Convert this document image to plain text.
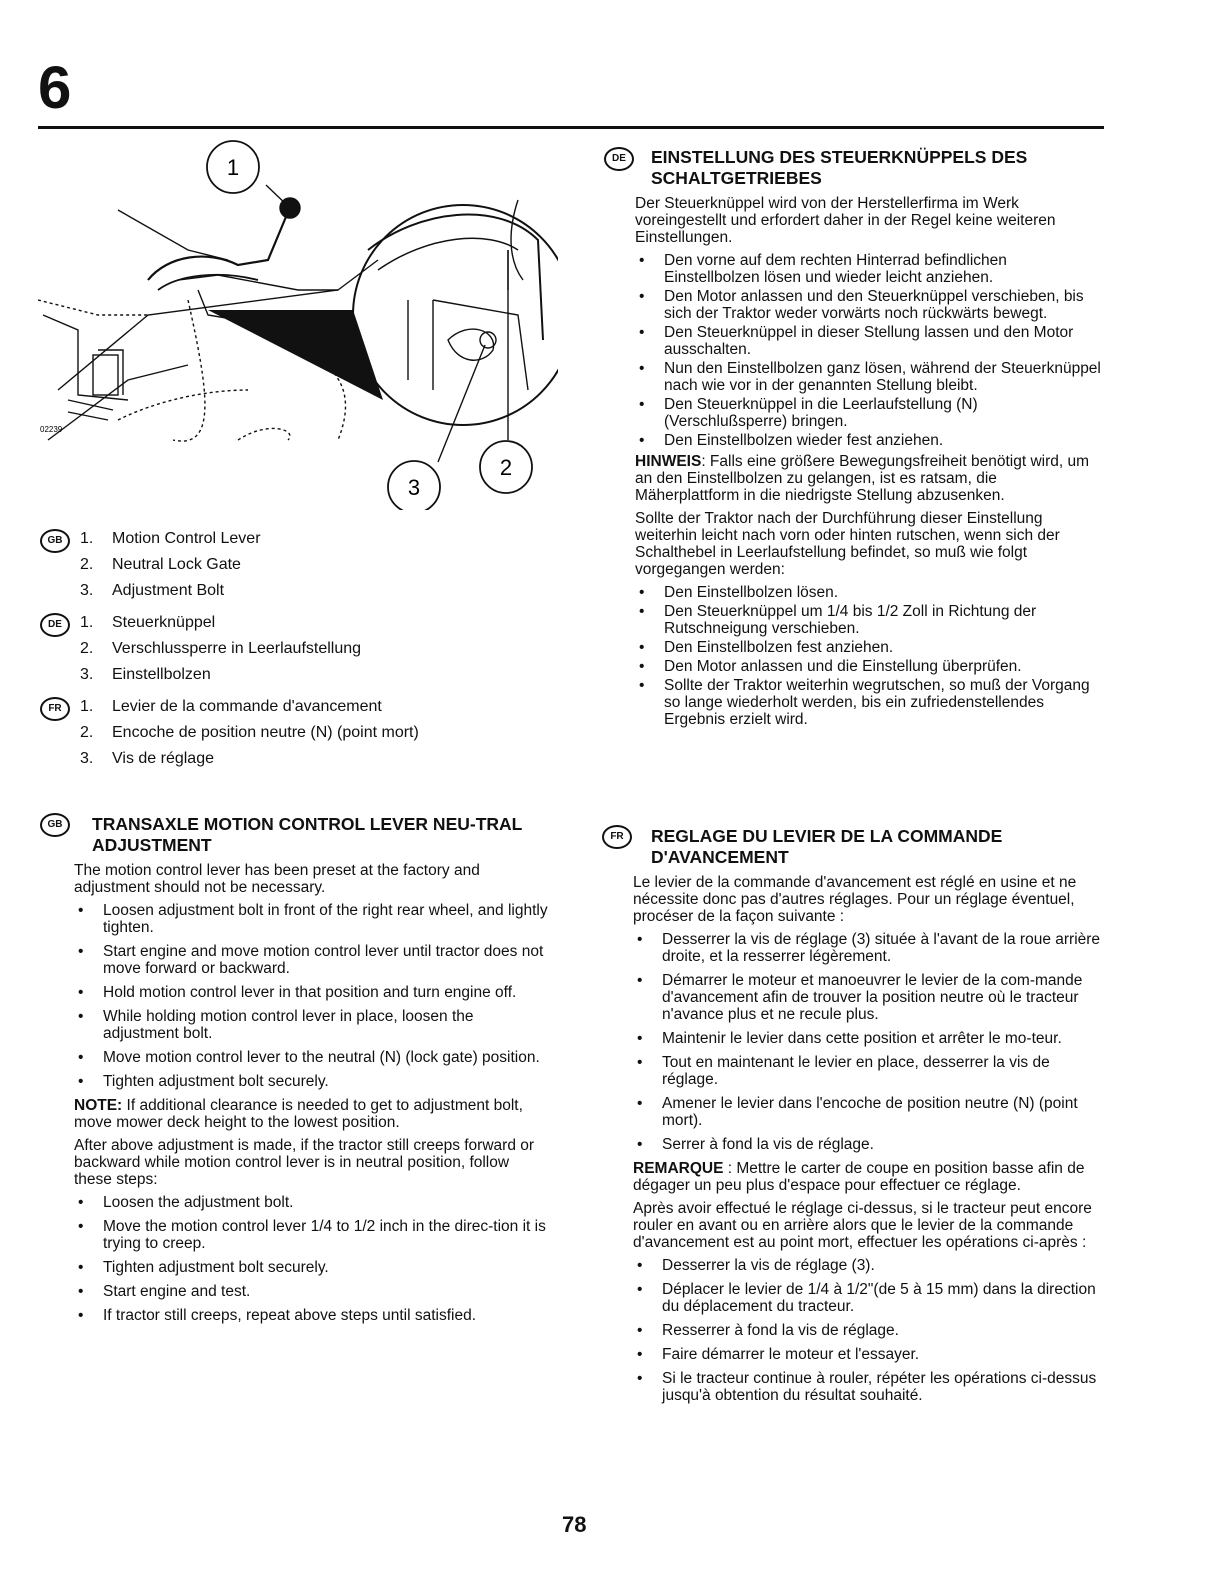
6
1
2
3
02239
GB	1. Motion Control Lever
2. Neutral Lock Gate
3. Adjustment Bolt
DE	1. Steuerknüppel
2. Verschlussperre in Leerlaufstellung
3. Einstellbolzen
FR	1. Levier de la commande d'avancement
2. Encoche de position neutre (N) (point mort)
3. Vis de réglage
GB	TRANSAXLE MOTION CONTROL LEVER NEU-TRAL ADJUSTMENT

The motion control lever has been preset at the factory and adjustment should not be necessary.

• Loosen adjustment bolt in front of the right rear wheel, and lightly tighten.
• Start engine and move motion control lever until tractor does not move forward or backward.
• Hold motion control lever in that position and turn engine off.
• While holding motion control lever in place, loosen the adjustment bolt.
• Move motion control lever to the neutral (N) (lock gate) position.
• Tighten adjustment bolt securely.

NOTE: If additional clearance is needed to get to adjustment bolt, move mower deck height to the lowest position.

After above adjustment is made, if the tractor still creeps forward or backward while motion control lever is in neutral position, follow these steps:

• Loosen the adjustment bolt.
• Move the motion control lever 1/4 to 1/2 inch in the direc-tion it is trying to creep.
• Tighten adjustment bolt securely.
• Start engine and test.
• If tractor still creeps, repeat above steps until satisfied.
DE	EINSTELLUNG DES STEUERKNÜPPELS DES SCHALTGETRIEBES

Der Steuerknüppel wird von der Herstellerfirma im Werk voreingestellt und erfordert daher in der Regel keine weiteren Einstellungen.

• Den vorne auf dem rechten Hinterrad befindlichen Einstellbolzen lösen und wieder leicht anziehen.
• Den Motor anlassen und den Steuerknüppel verschieben, bis sich der Traktor weder vorwärts noch rückwärts bewegt.
• Den Steuerknüppel in dieser Stellung lassen und den Motor ausschalten.
• Nun den Einstellbolzen ganz lösen, während der Steuerknüppel nach wie vor in der genannten Stellung bleibt.
• Den Steuerknüppel in die Leerlaufstellung (N) (Verschlußsperre) bringen.
• Den Einstellbolzen wieder fest anziehen.

HINWEIS: Falls eine größere Bewegungsfreiheit benötigt wird, um an den Einstellbolzen zu gelangen, ist es ratsam, die Mäherplattform in die niedrigste Stellung abzusenken.

Sollte der Traktor nach der Durchführung dieser Einstellung weiterhin leicht nach vorn oder hinten rutschen, wenn sich der Schalthebel in Leerlaufstellung befindet, so muß wie folgt vorgegangen werden:

• Den Einstellbolzen lösen.
• Den Steuerknüppel um 1/4 bis 1/2 Zoll in Richtung der Rutschneigung verschieben.
• Den Einstellbolzen fest anziehen.
• Den Motor anlassen und die Einstellung überprüfen.
• Sollte der Traktor weiterhin wegrutschen, so muß der Vorgang so lange wiederholt werden, bis ein zufriedenstellendes Ergebnis erzielt wird.
FR	REGLAGE DU LEVIER DE LA COMMANDE D'AVANCEMENT

Le levier de la commande d'avancement est réglé en usine et ne nécessite donc pas d'autres réglages. Pour un réglage éventuel, procéser de la façon suivante :

• Desserrer la vis de réglage (3) située à l'avant de la roue arrière droite, et la resserrer légèrement.
• Démarrer le moteur et manoeuvrer le levier de la com-mande d'avancement afin de trouver la position neutre où le tracteur n'avance plus et ne recule plus.
• Maintenir le levier dans cette position et arrêter le mo-teur.
• Tout en maintenant le levier en place, desserrer la vis de réglage.
• Amener le levier dans l'encoche de position neutre (N) (point mort).
• Serrer à fond la vis de réglage.

REMARQUE : Mettre le carter de coupe en position basse afin de dégager un peu plus d'espace pour effectuer ce réglage.

Après avoir effectué le réglage ci-dessus, si le tracteur peut encore rouler en avant ou en arrière alors que le levier de la commande d'avancement est au point mort, effectuer les opérations ci-après :

• Desserrer la vis de réglage (3).
• Déplacer le levier de 1/4 à 1/2"(de 5 à 15 mm) dans la direction du déplacement du tracteur.
• Resserrer à fond la vis de réglage.
• Faire démarrer le moteur et l'essayer.
• Si le tracteur continue à rouler, répéter les opérations ci-dessus jusqu'à obtention du résultat souhaité.
78
